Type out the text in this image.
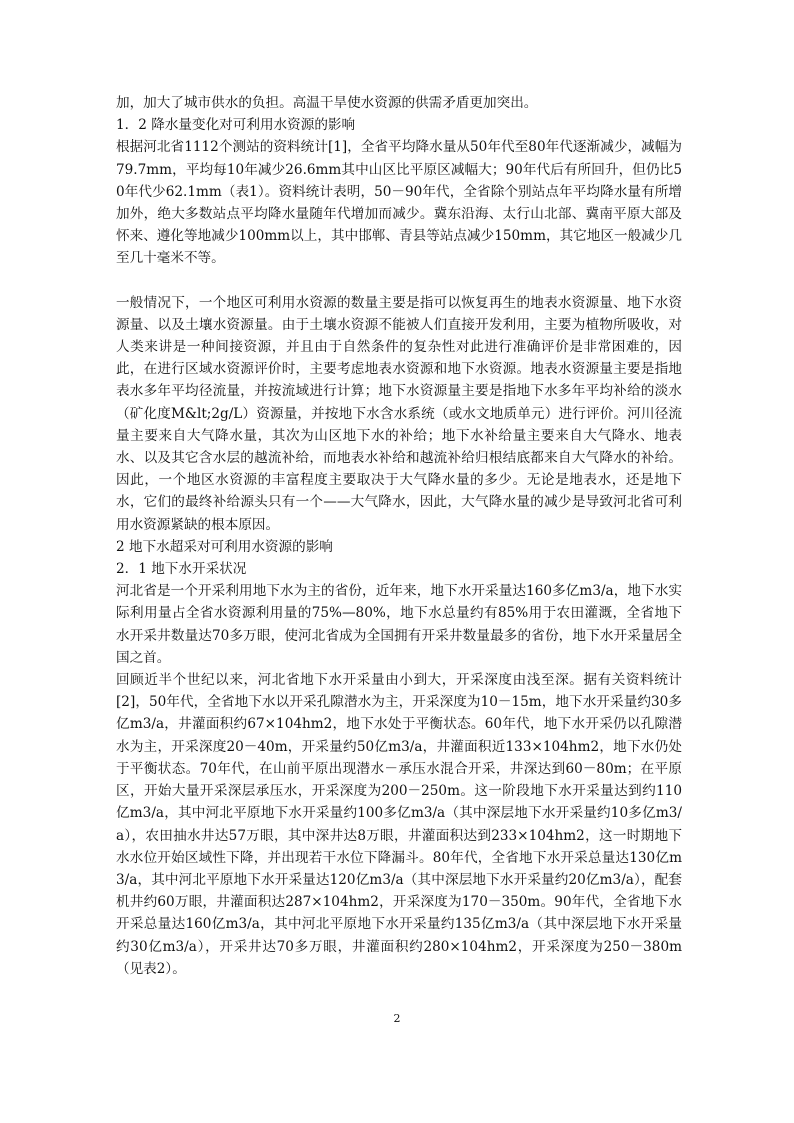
加，加大了城市供水的负担。高温干旱使水资源的供需矛盾更加突出。

1．2 降水量变化对可利用水资源的影响

根据河北省1112个测站的资料统计[1]，全省平均降水量从50年代至80年代逐渐减少，减幅为79.7mm，平均每10年减少26.6mm其中山区比平原区减幅大；90年代后有所回升，但仍比50年代少62.1mm（表1）。资料统计表明，50－90年代，全省除个别站点年平均降水量有所增加外，绝大多数站点平均降水量随年代增加而减少。冀东沿海、太行山北部、冀南平原大部及怀来、遵化等地减少100mm以上，其中邯郸、青县等站点减少150mm，其它地区一般减少几至几十毫米不等。

一般情况下，一个地区可利用水资源的数量主要是指可以恢复再生的地表水资源量、地下水资源量、以及土壤水资源量。由于土壤水资源不能被人们直接开发利用，主要为植物所吸收，对人类来讲是一种间接资源，并且由于自然条件的复杂性对此进行准确评价是非常困难的，因此，在进行区域水资源评价时，主要考虑地表水资源和地下水资源。地表水资源量主要是指地表水多年平均径流量，并按流域进行计算；地下水资源量主要是指地下水多年平均补给的淡水（矿化度M&lt;2g/L）资源量，并按地下水含水系统（或水文地质单元）进行评价。河川径流量主要来自大气降水量，其次为山区地下水的补给；地下水补给量主要来自大气降水、地表水、以及其它含水层的越流补给，而地表水补给和越流补给归根结底都来自大气降水的补给。因此，一个地区水资源的丰富程度主要取决于大气降水量的多少。无论是地表水，还是地下水，它们的最终补给源头只有一个——大气降水，因此，大气降水量的减少是导致河北省可利用水资源紧缺的根本原因。

2 地下水超采对可利用水资源的影响

2．1 地下水开采状况

河北省是一个开采利用地下水为主的省份，近年来，地下水开采量达160多亿m3/a，地下水实际利用量占全省水资源利用量的75%—80%，地下水总量约有85%用于农田灌溉，全省地下水开采井数量达70多万眼，使河北省成为全国拥有开采井数量最多的省份，地下水开采量居全国之首。

回顾近半个世纪以来，河北省地下水开采量由小到大，开采深度由浅至深。据有关资料统计[2]，50年代，全省地下水以开采孔隙潜水为主，开采深度为10－15m，地下水开采量约30多亿m3/a，井灌面积约67×104hm2，地下水处于平衡状态。60年代，地下水开采仍以孔隙潜水为主，开采深度20－40m，开采量约50亿m3/a，井灌面积近133×104hm2，地下水仍处于平衡状态。70年代，在山前平原出现潜水－承压水混合开采，井深达到60－80m；在平原区，开始大量开采深层承压水，开采深度为200－250m。这一阶段地下水开采量达到约110亿m3/a，其中河北平原地下水开采量约100多亿m3/a（其中深层地下水开采量约10多亿m3/a），农田抽水井达57万眼，其中深井达8万眼，井灌面积达到233×104hm2，这一时期地下水水位开始区域性下降，并出现若干水位下降漏斗。80年代，全省地下水开采总量达130亿m3/a，其中河北平原地下水开采量达120亿m3/a（其中深层地下水开采量约20亿m3/a），配套机井约60万眼，井灌面积达287×104hm2，开采深度为170－350m。90年代，全省地下水开采总量达160亿m3/a，其中河北平原地下水开采量约135亿m3/a（其中深层地下水开采量约30亿m3/a），开采井达70多万眼，井灌面积约280×104hm2，开采深度为250－380m（见表2）。

2
